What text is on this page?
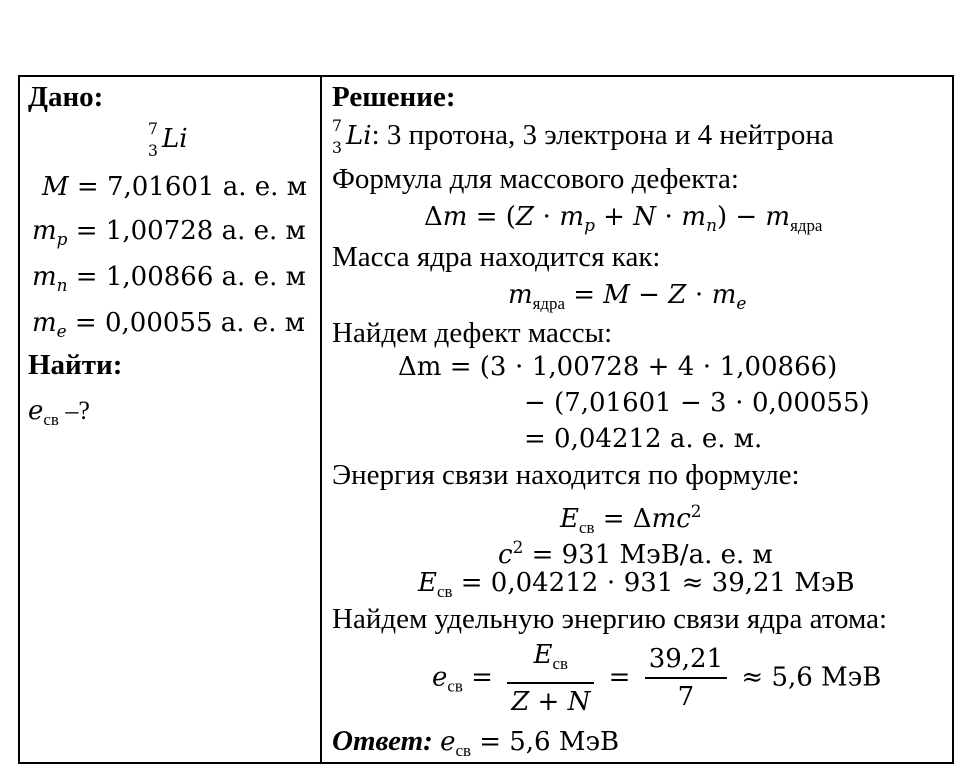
Дано:
7
3 Li
M = 7,01601 а. е. м
$m_p = 1,00728$ а. е. м
$m_n = 1,00866$ а. е. м
$m_e = 0,00055$ а. е. м
Найти:
$e_{св}$ –?
Решение:
7
3 Li: 3 протона, 3 электрона и 4 нейтрона
Формула для массового дефекта:
$\Delta m = (Z \cdot m_p + N \cdot m_n) - m_{ядра}$
Масса ядра находится как:
$m_{ядра} = M - Z \cdot m_e$
Найдем дефект массы:
Δm = (3 ⋅ 1,00728 + 4 ⋅ 1,00866)
− (7,01601 − 3 ⋅ 0,00055)
= 0,04212 а. е. м.
Энергия связи находится по формуле:
$E_{св} = \Delta mc^2$
$c^2 = 931$ МэВ/а. е. м
$E_{св} = 0,04212 \cdot 931 \approx 39,21$ МэВ
Найдем удельную энергию связи ядра атома:
$e_{св} = \frac{E_{св}}{Z + N} = \frac{39,21}{7} \approx 5,6$ МэВ
Ответ: $e_{св} = 5,6$ МэВ
